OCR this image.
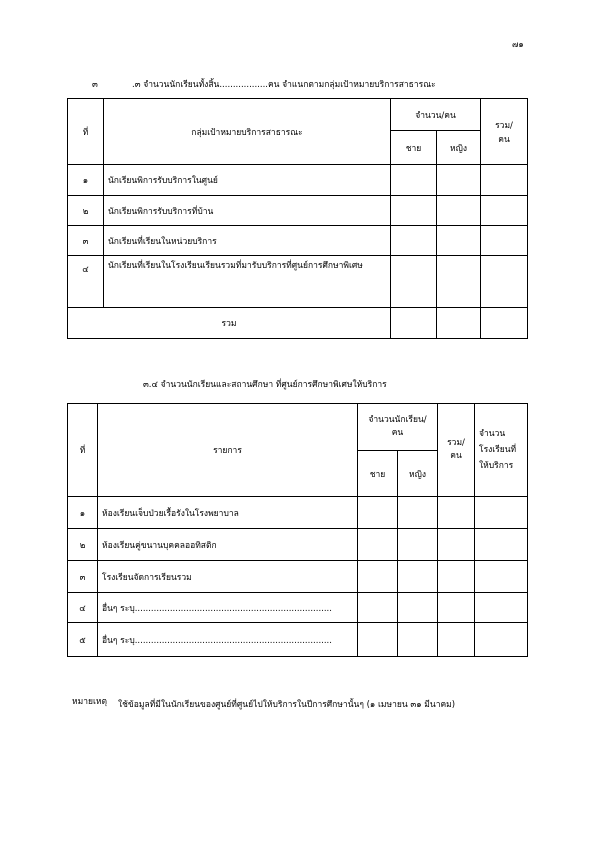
๗๑
๓	.๓ จำนวนนักเรียนทั้งสิ้น..................คน จำแนกตามกลุ่มเป้าหมายบริการสาธารณะ
ที่	กลุ่มเป้าหมายบริการสาธารณะ	จำนวน/คน		รวม/คน
		ชาย	หญิง	
๑	นักเรียนพิการรับบริการในศูนย์			
๒	นักเรียนพิการรับบริการที่บ้าน			
๓	นักเรียนที่เรียนในหน่วยบริการ			
๔	นักเรียนที่เรียนในโรงเรียนเรียนรวมที่มารับบริการที่ศูนย์การศึกษาพิเศษ			
รวม				
๓.๔ จำนวนนักเรียนและสถานศึกษา ที่ศูนย์การศึกษาพิเศษให้บริการ
ที่	รายการ	จำนวนนักเรียน/คน		รวม/คน	จำนวนโรงเรียนที่ให้บริการ
		ชาย	หญิง		
๑	ห้องเรียนเจ็บป่วยเรื้อรังในโรงพยาบาล				
๒	ห้องเรียนคู่ขนานบุคคลออทิสติก				
๓	โรงเรียนจัดการเรียนรวม				
๔	อื่นๆ ระบุ.........................................................................				
๕	อื่นๆ ระบุ.........................................................................				
หมายเหตุ ใช้ข้อมูลที่มีในนักเรียนของศูนย์ที่ศูนย์ไปให้บริการในปีการศึกษานั้นๆ (๑ เมษายน ๓๑ มีนาคม)
